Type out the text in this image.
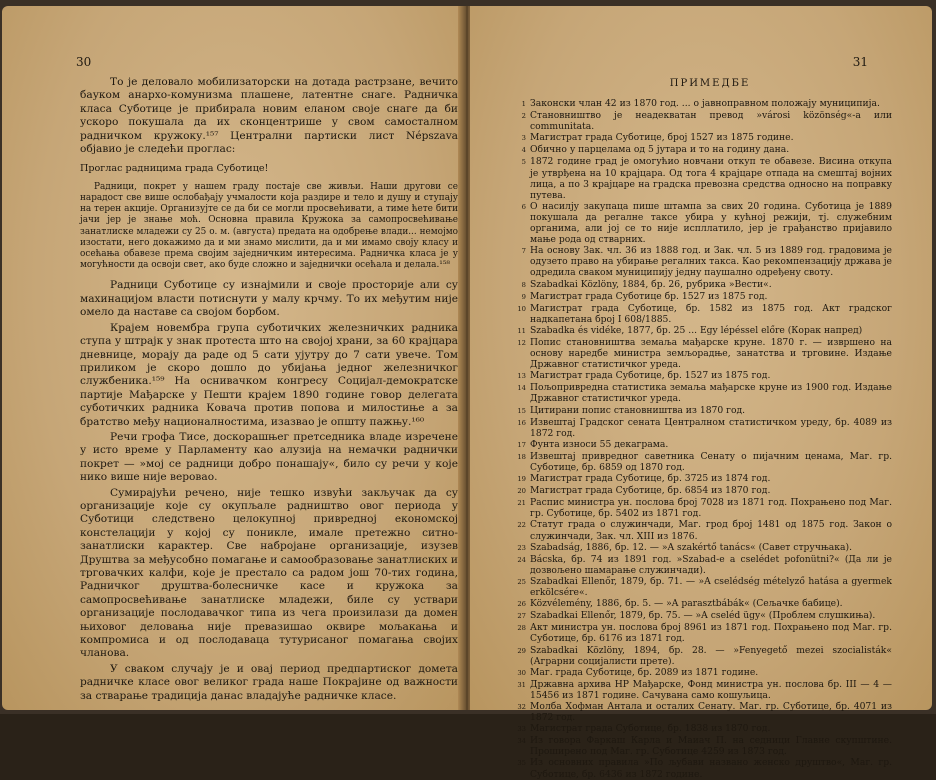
30

То је деловало мобилизаторски на дотада растрзане, вечито бауком анархо-комунизма плашене, латентне снаге. Радничка класа Суботице је прибирала новим еланом своје снаге да би ускоро покушала да их сконцентрише у свом самосталном радничком кружоку.¹⁵⁷ Централни партиски лист Népszava објавио је следећи проглас:

Проглас радницима града Суботице!

Радници, покрет у нашем граду постаје све живљи. Наши другови се нарадост све више ослобађају учмалости која раздире и тело и душу и ступају на терен акције. Организујте се да би се могли просвећивати, а тиме ћете бити јачи јер је знање моћ. Основна правила Кружока за самопросвећивање занатлиске младежи су 25 о. м. (августа) предата на одобрење влади... немојмо изостати, него докажимо да и ми знамо мислити, да и ми имамо своју класу и осећања обавезе према својим заједничким интересима. Радничка класа је у могућности да освоји свет, ако буде сложно и заједнички осећала и делала.¹⁵⁸

Радници Суботице су изнајмили и своје просторије али су махинацијом власти потиснути у малу крчму. То их међутим није омело да наставе са својом борбом.

Крајем новембра група суботичких железничких радника ступа у штрајк у знак протеста што на својој храни, за 60 крајцара дневнице, морају да раде од 5 сати ујутру до 7 сати увече. Том приликом је скоро дошло до убијања једног железничког службеника.¹⁵⁹ На оснивачком конгресу Социјал-демократске партије Мађарске у Пешти крајем 1890 године говор делегата суботичких радника Ковача против попова и милостиње а за братство међу националностима, изазвао је општу пажњу.¹⁶⁰

Речи грофа Тисе, доскорашњег претседника владе изречене у исто време у Парламенту као алузија на немачки раднички покрет — »мој се радници добро понашају«, било су речи у које нико више није веровао.

Сумирајући речено, није тешко извући закључак да су организације које су окупљале радништво овог периода у Суботици следствено целокупној привредној економској констелацији у којој су поникле, имале претежно ситно-занатлиски карактер. Све набројане организације, изузев Друштва за међусобно помагање и самообразовање занатлиских и трговачких калфи, које је престало са радом још 70-тих година, Радничког друштва-болесничке касе и кружока за самопросвећивање занатлиске младежи, биле су уствари организације послодавачког типа из чега произилази да домен њиховог деловања није превазишао оквире мољакања и компромиса и од послодаваца тутурисаног помагања својих чланова.

У сваком случају је и овај период предпартиског домета радничке класе овог великог града наше Покрајине од важности за стварање традиција данас владајуће радничке класе.

31
ПРИМЕДБЕ
1 Законски члан 42 из 1870 год. ... о јавноправном положају муниципија.
2 Становништво је неадекватан превод »városi közönség«-а или communitata.
3 Магистрат града Суботице, број 1527 из 1875 године.
4 Обично у парцелама од 5 јутара и то на годину дана.
5 1872 године град је омогућио новчани откуп те обавезе. Висина откупа је утврђена на 10 крајцара. Од тога 4 крајцаре отпада на смештај војних лица, а по 3 крајцаре на градска превозна средства односно на поправку путева.
6 О насилју закупаца пише штампа за свих 20 година. Суботица је 1889 покушала да регалне таксе убира у кућној режији, тј. служебним органима, али јој се то није испллатило, јер је грађанство пријавило мање рода од стварних.
7 На основу Зак. чл. 36 из 1888 год. и Зак. чл. 5 из 1889 год. градовима је одузето право на убирање регалних такса. Као рекомпензацију држава је одредила сваком муниципију једну паушално одређену своту.
8 Szabadkai Közlöny, 1884, бр. 26, рубрика »Вести«.
9 Магистрат града Суботице бр. 1527 из 1875 год.
10 Магистрат града Суботице, бр. 1582 из 1875 год. Акт градског надкапетана број I 608/1885.
11 Szabadka és vidéke, 1877, бр. 25 ... Egy lépéssel előre (Корак напред)
12 Попис становништва земаља мађарске круне. 1870 г. — извршено на основу наредбе министра земљорадње, занатства и трговине. Издање Државног статистичког уреда.
13 Магистрат града Суботице, бр. 1527 из 1875 год.
14 Пољопривредна статистика земаља мађарске круне из 1900 год. Издање Државног статистичког уреда.
15 Цитирани попис становништва из 1870 год.
16 Извештај Градског сената Централном статистичком уреду, бр. 4089 из 1872 год.
17 Фунта износи 55 декаграма.
18 Извештај привредног саветника Сенату о пијачним ценама, Маг. гр. Суботице, бр. 6859 од 1870 год.
19 Магистрат града Суботице, бр. 3725 из 1874 год.
20 Магистрат града Суботице, бр. 6854 из 1870 год.
21 Распис министра ун. послова број 7028 из 1871 год. Похрањено под Маг. гр. Суботице, бр. 5402 из 1871 год.
22 Статут града о служинчади, Маг. грод број 1481 од 1875 год. Закон о служинчади, Зак. чл. XIII из 1876.
23 Szabadság, 1886, бр. 12. — »A szakértő tanács« (Савет стручњака).
24 Bácska, бр. 74 из 1891 год. »Szabad-e a cselédet pofonütni?« (Да ли је дозвољено шамарање служинчади).
25 Szabadkai Ellenőr, 1879, бр. 71. — »A cselédség mételyző hatása a gyermek erkölcsére«.
26 Közvélemény, 1886, бр. 5. — »A parasztbábák« (Сељачке бабице).
27 Szabadkai Ellenőr, 1879, бр. 75. — »A cseléd ügy« (Проблем слушкиња).
28 Акт министра ун. послова број 8961 из 1871 год. Похрањено под Маг. гр. Суботице, бр. 6176 из 1871 год.
29 Szabadkai Közlöny, 1894, бр. 28. — »Fenyegető mezei szocialisták« (Аграрни социјалисти прете).
30 Маг. града Суботице, бр. 2089 из 1871 године.
31 Државна архива НР Мађарске, Фонд министра ун. послова бр. III — 4 — 15456 из 1871 године. Сачувана само кошуљица.
32 Молба Хофман Антала и осталих Сенату. Маг. гр. Суботице, бр. 4071 из 1872 год.
33 Магистрат града Суботице, бр. 1838 из 1870 год.
34 Из говора Фаркаш Карла и Маиач П. на седници Главне скупштине. Проширено под Маг. гр. Суботице 4259 из 1873 год.
35 Из основних правила »По љубави названо женско друштво«, Маг. гр. Суботице, бр. 6436 из 1872 године.
